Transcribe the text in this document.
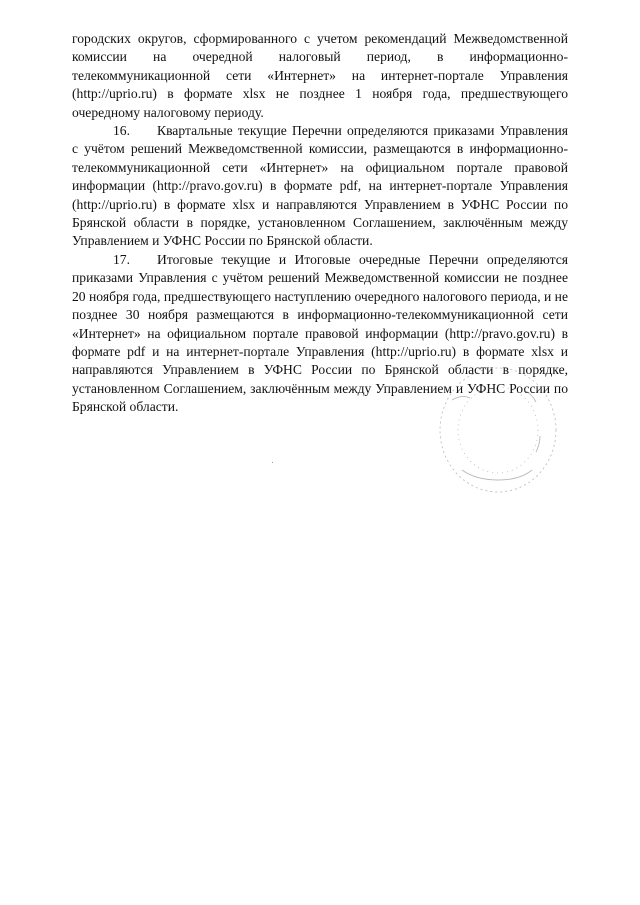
городских округов, сформированного с учетом рекомендаций Межведомственной комиссии на очередной налоговый период, в информационно-телекоммуникационной сети «Интернет» на интернет-портале Управления (http://uprio.ru) в формате xlsx не позднее 1 ноября года, предшествующего очередному налоговому периоду.

16. Квартальные текущие Перечни определяются приказами Управления с учётом решений Межведомственной комиссии, размещаются в информационно-телекоммуникационной сети «Интернет» на официальном портале правовой информации (http://pravo.gov.ru) в формате pdf, на интернет-портале Управления (http://uprio.ru) в формате xlsx и направляются Управлением в УФНС России по Брянской области в порядке, установленном Соглашением, заключённым между Управлением и УФНС России по Брянской области.

17. Итоговые текущие и Итоговые очередные Перечни определяются приказами Управления с учётом решений Межведомственной комиссии не позднее 20 ноября года, предшествующего наступлению очередного налогового периода, и не позднее 30 ноября размещаются в информационно-телекоммуникационной сети «Интернет» на официальном портале правовой информации (http://pravo.gov.ru) в формате pdf и на интернет-портале Управления (http://uprio.ru) в формате xlsx и направляются Управлением в УФНС России по Брянской области в порядке, установленном Соглашением, заключённым между Управлением и УФНС России по Брянской области.
